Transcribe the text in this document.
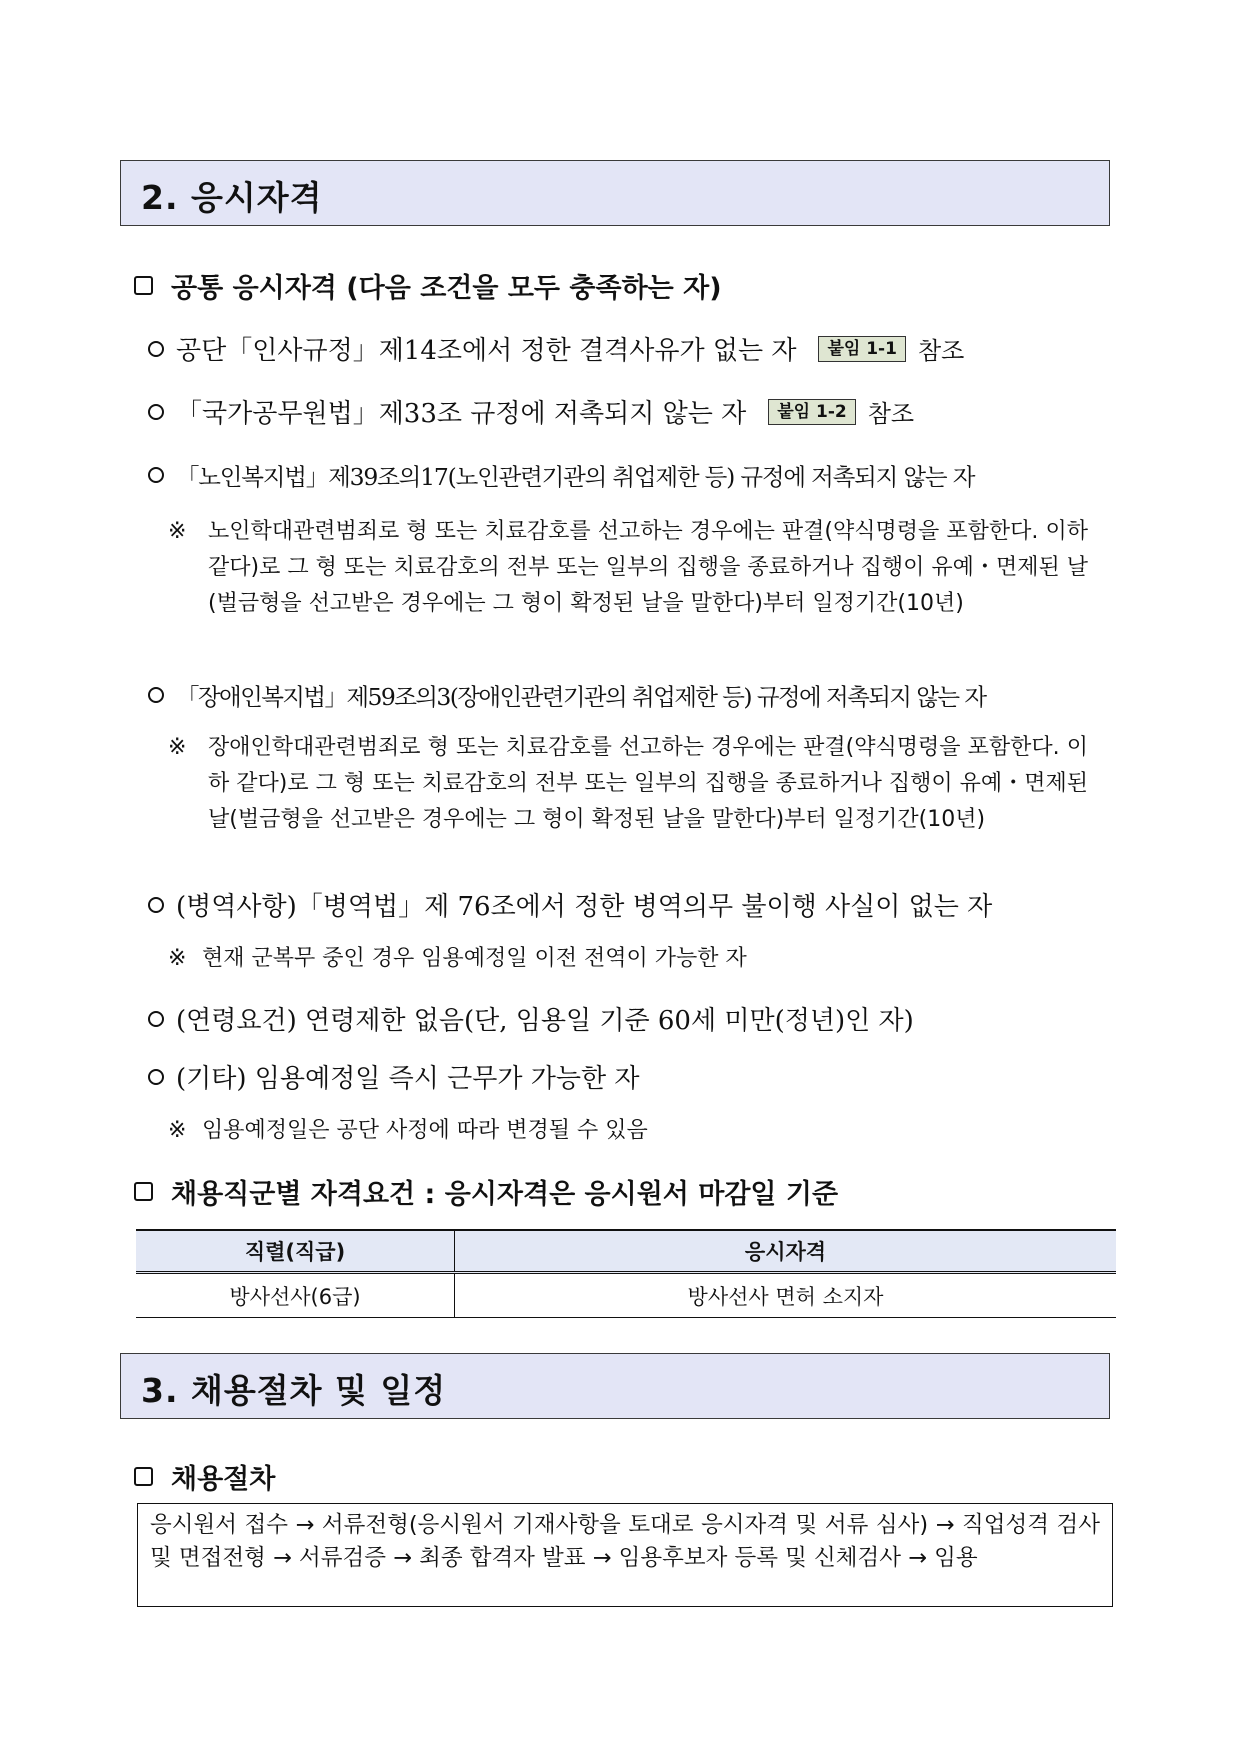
2. 응시자격
공통 응시자격 (다음 조건을 모두 충족하는 자)
공단「인사규정」제14조에서 정한 결격사유가 없는 자	붙임 1-1 참조
「국가공무원법」제33조 규정에 저촉되지 않는 자	붙임 1-2 참조
「노인복지법」제39조의17(노인관련기관의 취업제한 등) 규정에 저촉되지 않는 자
※ 노인학대관련범죄로 형 또는 치료감호를 선고하는 경우에는 판결(약식명령을 포함한다. 이하 같다)로 그 형 또는 치료감호의 전부 또는 일부의 집행을 종료하거나 집행이 유예・면제된 날(벌금형을 선고받은 경우에는 그 형이 확정된 날을 말한다)부터 일정기간(10년)
「장애인복지법」제59조의3(장애인관련기관의 취업제한 등) 규정에 저촉되지 않는 자
※ 장애인학대관련범죄로 형 또는 치료감호를 선고하는 경우에는 판결(약식명령을 포함한다. 이하 같다)로 그 형 또는 치료감호의 전부 또는 일부의 집행을 종료하거나 집행이 유예・면제된 날(벌금형을 선고받은 경우에는 그 형이 확정된 날을 말한다)부터 일정기간(10년)
(병역사항)「병역법」제 76조에서 정한 병역의무 불이행 사실이 없는 자
※ 현재 군복무 중인 경우 임용예정일 이전 전역이 가능한 자
(연령요건) 연령제한 없음(단, 임용일 기준 60세 미만(정년)인 자)
(기타) 임용예정일 즉시 근무가 가능한 자
※ 임용예정일은 공단 사정에 따라 변경될 수 있음
채용직군별 자격요건 : 응시자격은 응시원서 마감일 기준
직렬(직급)	응시자격
방사선사(6급)	방사선사 면허 소지자
3. 채용절차 및 일정
채용절차
응시원서 접수 → 서류전형(응시원서 기재사항을 토대로 응시자격 및 서류 심사) → 직업성격 검사 및 면접전형 → 서류검증 → 최종 합격자 발표 → 임용후보자 등록 및 신체검사 → 임용
